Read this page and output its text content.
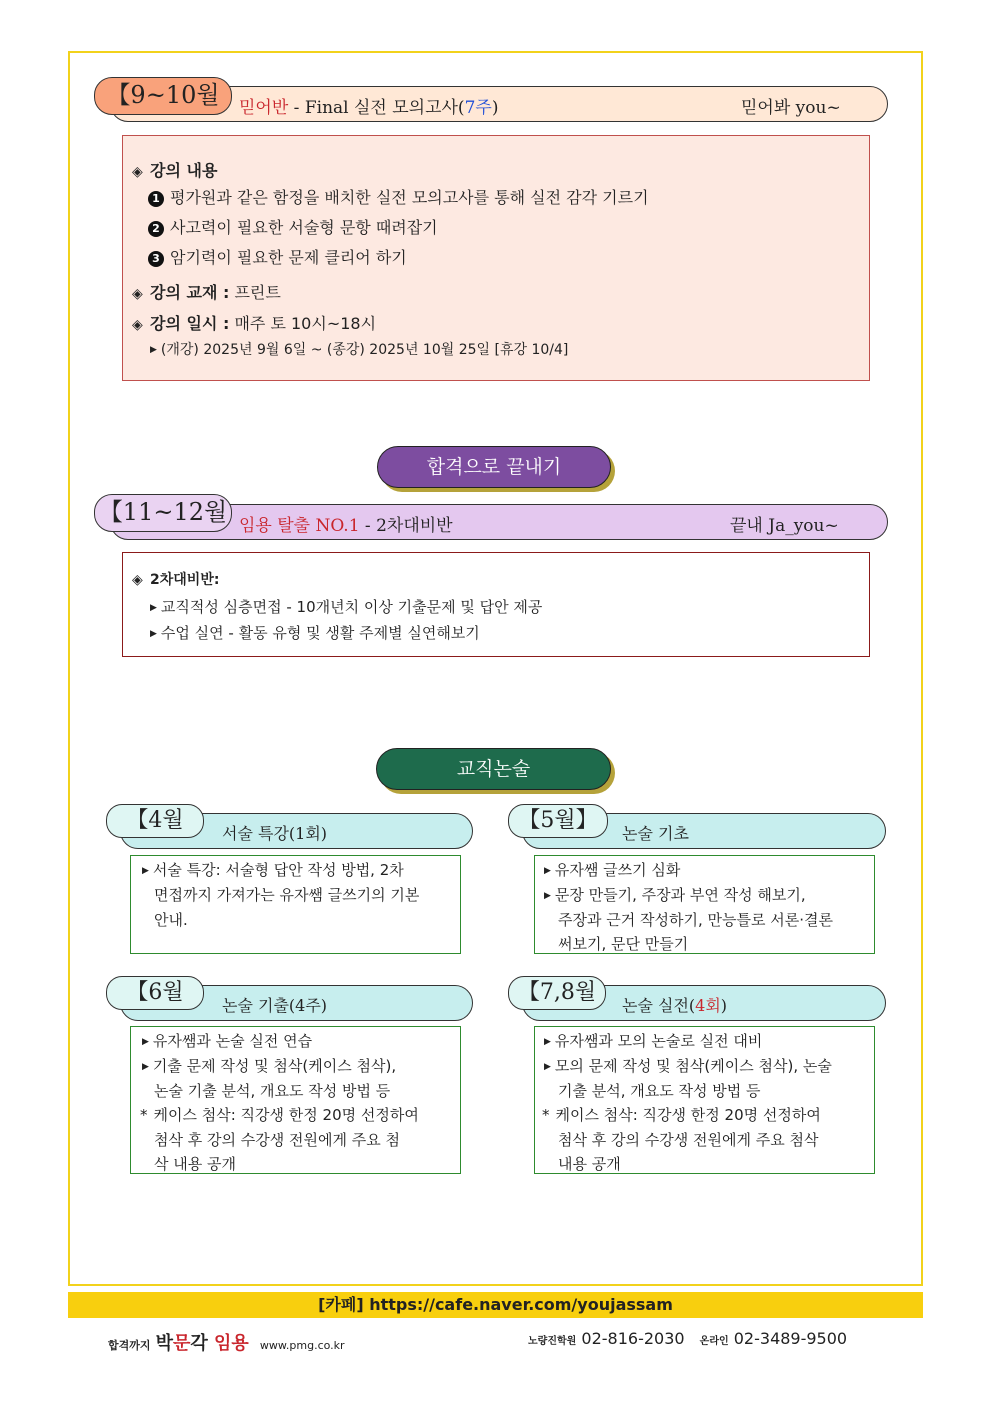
【9~10월	믿어반 - Final 실전 모의고사(7주)	믿어봐 you~
◈ 강의 내용
1 평가원과 같은 함정을 배치한 실전 모의고사를 통해 실전 감각 기르기
2 사고력이 필요한 서술형 문항 때려잡기
3 암기력이 필요한 문제 클리어 하기
◈ 강의 교재 : 프린트
◈ 강의 일시 : 매주 토 10시~18시
▶ (개강) 2025년 9월 6일 ~ (종강) 2025년 10월 25일 [휴강 10/4]
합격으로 끝내기
【11~12월 임용 탈출 NO.1 - 2차대비반	끝내 Ja_you~
◈ 2차대비반:
▶ 교직적성 심층면접 - 10개년치 이상 기출문제 및 답안 제공
▶ 수업 실연 - 활동 유형 및 생활 주제별 실연해보기
교직논술
【4월
서술 특강(1회)
▶ 서술 특강: 서술형 답안 작성 방법, 2차
면접까지 가져가는 유자쌤 글쓰기의 기본
안내.
【5월】
논술 기초
▶ 유자쌤 글쓰기 심화
▶ 문장 만들기, 주장과 부연 작성 해보기,
주장과 근거 작성하기, 만능틀로 서론·결론
써보기, 문단 만들기
【6월
논술 기출(4주)
▶ 유자쌤과 논술 실전 연습
▶ 기출 문제 작성 및 첨삭(케이스 첨삭),
논술 기출 분석, 개요도 작성 방법 등
* 케이스 첨삭: 직강생 한정 20명 선정하여
첨삭 후 강의 수강생 전원에게 주요 첨
삭 내용 공개
【7,8월
논술 실전(4회)
▶ 유자쌤과 모의 논술로 실전 대비
▶ 모의 문제 작성 및 첨삭(케이스 첨삭), 논술
기출 분석, 개요도 작성 방법 등
* 케이스 첨삭: 직강생 한정 20명 선정하여
첨삭 후 강의 수강생 전원에게 주요 첨삭
내용 공개
[카페] https://cafe.naver.com/youjassam
합격까지 박문각 임용 www.pmg.co.kr	노량진학원 02-816-2030 온라인 02-3489-9500
